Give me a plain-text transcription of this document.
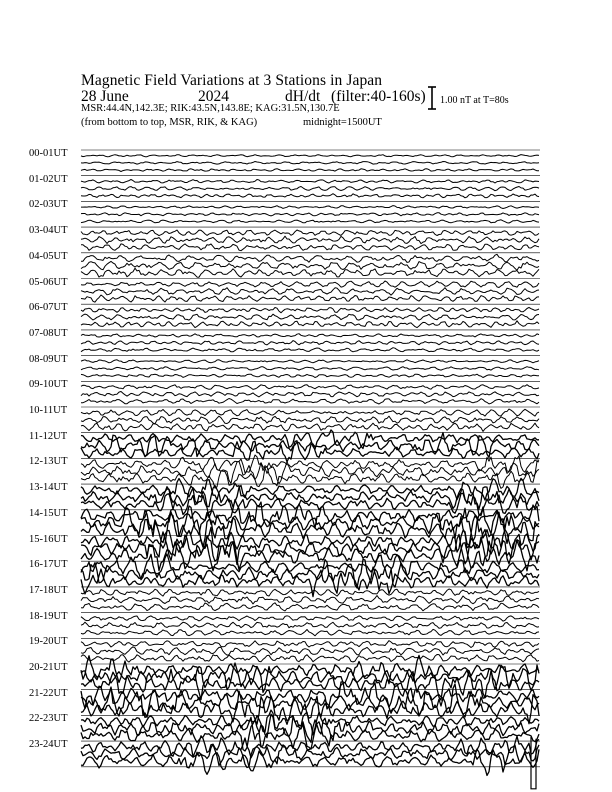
Magnetic Field Variations at 3 Stations in Japan
28 June	2024	dH/dt (filter:40-160s)
MSR:44.4N,142.3E; RIK:43.5N,143.8E; KAG:31.5N,130.7E
(from bottom to top, MSR, RIK, & KAG)	midnight=1500UT
1.00 nT at T=80s
00-01UT
01-02UT
02-03UT
03-04UT
04-05UT
05-06UT
06-07UT
07-08UT
08-09UT
09-10UT
10-11UT
11-12UT
12-13UT
13-14UT
14-15UT
15-16UT
16-17UT
17-18UT
18-19UT
19-20UT
20-21UT
21-22UT
22-23UT
23-24UT
